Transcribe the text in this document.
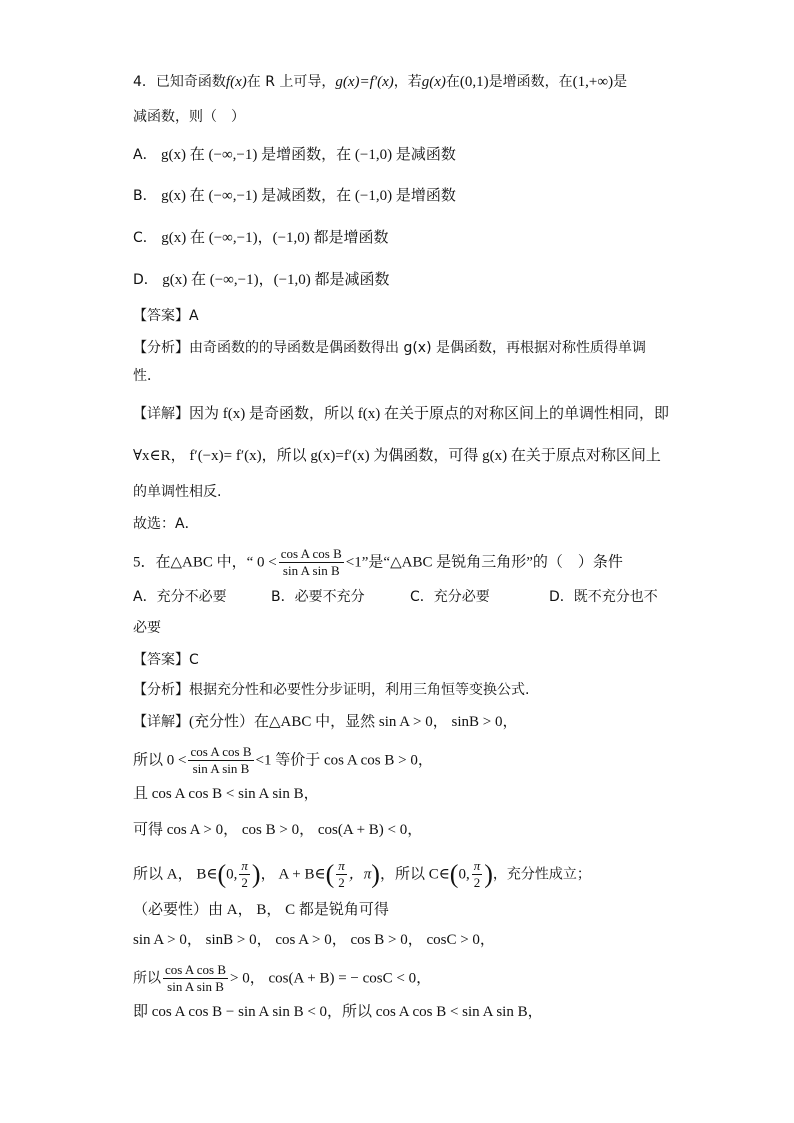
4．已知奇函数f(x)在 R 上可导，g(x)=f′(x)，若g(x)在(0,1)是增函数，在(1,+∞)是
减函数，则（　）
A． g(x) 在 (−∞,−1) 是增函数，在 (−1,0) 是减函数
B． g(x) 在 (−∞,−1) 是减函数，在 (−1,0) 是增函数
C． g(x) 在 (−∞,−1)，(−1,0) 都是增函数
D． g(x) 在 (−∞,−1)，(−1,0) 都是减函数
【答案】A
【分析】由奇函数的的导函数是偶函数得出 g(x) 是偶函数，再根据对称性质得单调
性．
【详解】因为 f(x) 是奇函数，所以 f(x) 在关于原点的对称区间上的单调性相同，即
∀x∈R， f′(−x)= f′(x)，所以 g(x)=f′(x) 为偶函数，可得 g(x) 在关于原点对称区间上
的单调性相反.
故选：A．
5．在△ABC 中，“ $0 < \frac{\text{cos A cos B}}{\text{sin A sin B}} <1$”是“△ABC 是锐角三角形”的（　）条件
A．充分不必要	B．必要不充分	C．充分必要	D．既不充分也不
必要
【答案】C
【分析】根据充分性和必要性分步证明，利用三角恒等变换公式.
【详解】(充分性）在△ABC 中，显然 sin A > 0， sinB > 0，
所以 $0 < \frac{\text{cos A cos B}}{\text{sin A sin B}} <1$ 等价于 cos A cos B > 0，
且 cos A cos B < sin A sin B，
可得 cos A > 0， cos B > 0， cos(A + B) < 0，
所以 A， B∈(0, $\frac{\pi}{2}$ )， A + B∈( $\frac{\pi}{2}$ ，π)，所以 C∈(0, $\frac{\pi}{2}$ )，充分性成立；
（必要性）由 A， B， C 都是锐角可得
sin A > 0， sinB > 0， cos A > 0， cos B > 0， cosC > 0，
所以 $\frac{\text{cos A cos B}}{\text{sin A sin B}} > 0$， cos(A + B) = − cosC < 0，
即 cos A cos B − sin A sin B < 0，所以 cos A cos B < sin A sin B，
